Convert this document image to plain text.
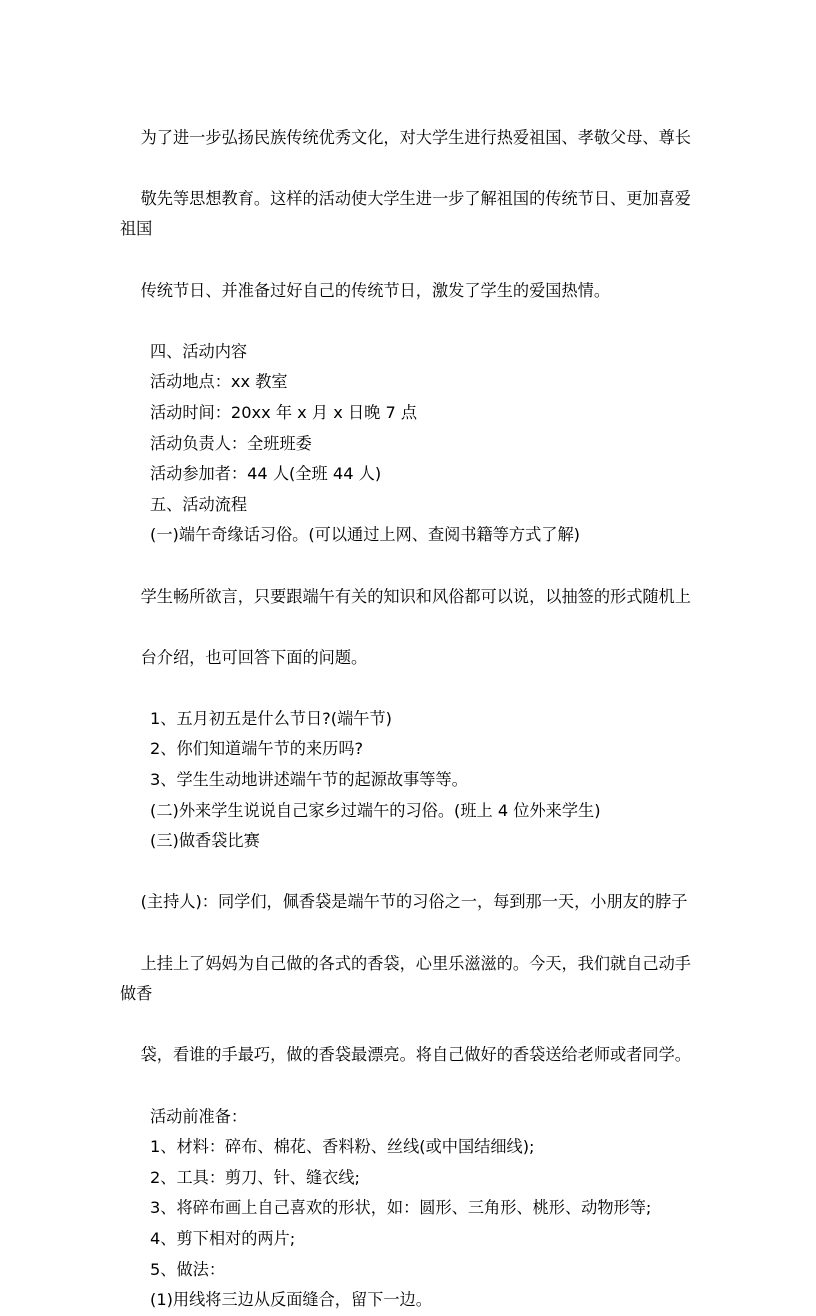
为了进一步弘扬民族传统优秀文化，对大学生进行热爱祖国、孝敬父母、尊长

敬先等思想教育。这样的活动使大学生进一步了解祖国的传统节日、更加喜爱祖国

传统节日、并准备过好自己的传统节日，激发了学生的爱国热情。

四、活动内容

活动地点：xx 教室

活动时间：20xx 年 x 月 x 日晚 7 点

活动负责人：全班班委

活动参加者：44 人(全班 44 人)

五、活动流程

(一)端午奇缘话习俗。(可以通过上网、查阅书籍等方式了解)

学生畅所欲言，只要跟端午有关的知识和风俗都可以说，以抽签的形式随机上

台介绍，也可回答下面的问题。

1、五月初五是什么节日?(端午节)

2、你们知道端午节的来历吗?

3、学生生动地讲述端午节的起源故事等等。

(二)外来学生说说自己家乡过端午的习俗。(班上 4 位外来学生)

(三)做香袋比赛

(主持人)：同学们，佩香袋是端午节的习俗之一，每到那一天，小朋友的脖子

上挂上了妈妈为自己做的各式的香袋，心里乐滋滋的。今天，我们就自己动手做香

袋，看谁的手最巧，做的香袋最漂亮。将自己做好的香袋送给老师或者同学。

活动前准备：

1、材料：碎布、棉花、香料粉、丝线(或中国结细线);

2、工具：剪刀、针、缝衣线;

3、将碎布画上自己喜欢的形状，如：圆形、三角形、桃形、动物形等;

4、剪下相对的两片;

5、做法：

(1)用线将三边从反面缝合，留下一边。
